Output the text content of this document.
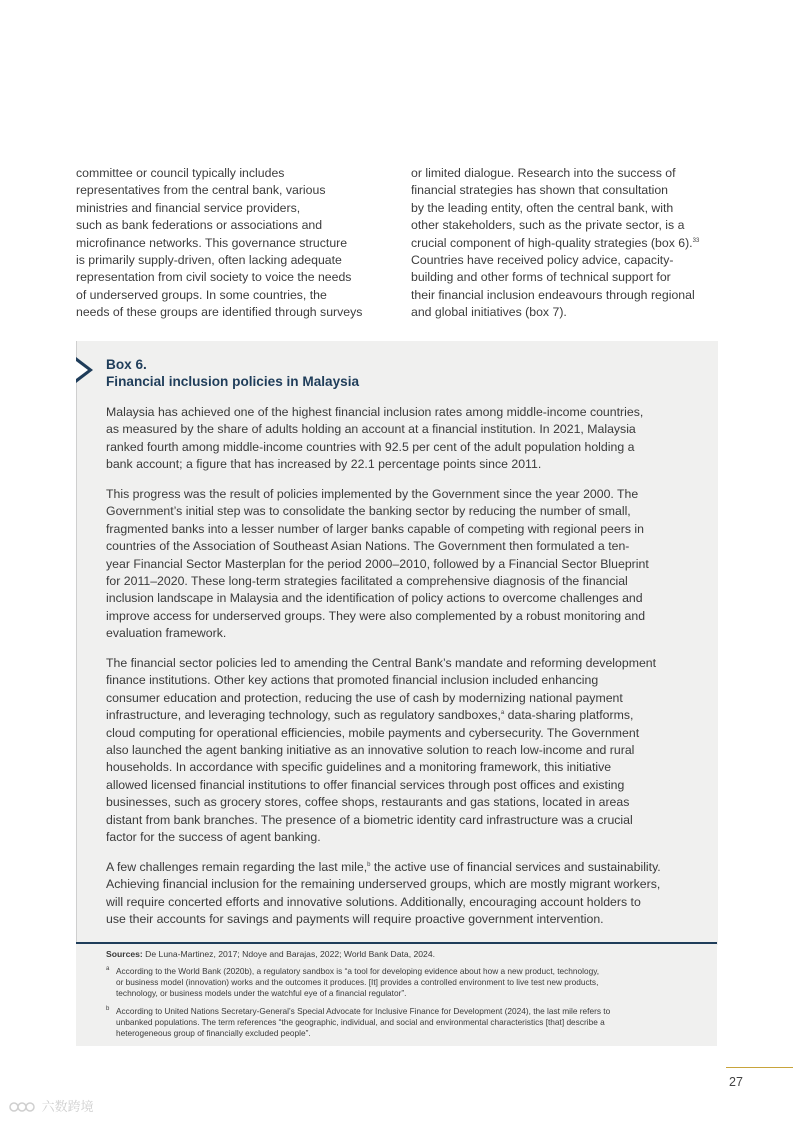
committee or council typically includes
representatives from the central bank, various
ministries and financial service providers,
such as bank federations or associations and
microfinance networks. This governance structure
is primarily supply-driven, often lacking adequate
representation from civil society to voice the needs
of underserved groups. In some countries, the
needs of these groups are identified through surveys
or limited dialogue. Research into the success of
financial strategies has shown that consultation
by the leading entity, often the central bank, with
other stakeholders, such as the private sector, is a
crucial component of high-quality strategies (box 6).$^{33}$
Countries have received policy advice, capacity-
building and other forms of technical support for
their financial inclusion endeavours through regional
and global initiatives (box 7).
Box 6.
Financial inclusion policies in Malaysia
Malaysia has achieved one of the highest financial inclusion rates among middle-income countries,
as measured by the share of adults holding an account at a financial institution. In 2021, Malaysia
ranked fourth among middle-income countries with 92.5 per cent of the adult population holding a
bank account; a figure that has increased by 22.1 percentage points since 2011.
This progress was the result of policies implemented by the Government since the year 2000. The
Government’s initial step was to consolidate the banking sector by reducing the number of small,
fragmented banks into a lesser number of larger banks capable of competing with regional peers in
countries of the Association of Southeast Asian Nations. The Government then formulated a ten-
year Financial Sector Masterplan for the period 2000–2010, followed by a Financial Sector Blueprint
for 2011–2020. These long-term strategies facilitated a comprehensive diagnosis of the financial
inclusion landscape in Malaysia and the identification of policy actions to overcome challenges and
improve access for underserved groups. They were also complemented by a robust monitoring and
evaluation framework.
The financial sector policies led to amending the Central Bank’s mandate and reforming development
finance institutions. Other key actions that promoted financial inclusion included enhancing
consumer education and protection, reducing the use of cash by modernizing national payment
infrastructure, and leveraging technology, such as regulatory sandboxes,$^a$ data-sharing platforms,
cloud computing for operational efficiencies, mobile payments and cybersecurity. The Government
also launched the agent banking initiative as an innovative solution to reach low-income and rural
households. In accordance with specific guidelines and a monitoring framework, this initiative
allowed licensed financial institutions to offer financial services through post offices and existing
businesses, such as grocery stores, coffee shops, restaurants and gas stations, located in areas
distant from bank branches. The presence of a biometric identity card infrastructure was a crucial
factor for the success of agent banking.
A few challenges remain regarding the last mile,$^b$ the active use of financial services and sustainability.
Achieving financial inclusion for the remaining underserved groups, which are mostly migrant workers,
will require concerted efforts and innovative solutions. Additionally, encouraging account holders to
use their accounts for savings and payments will require proactive government intervention.
Sources: De Luna-Martinez, 2017; Ndoye and Barajas, 2022; World Bank Data, 2024.
a According to the World Bank (2020b), a regulatory sandbox is “a tool for developing evidence about how a new product, technology,
or business model (innovation) works and the outcomes it produces. [It] provides a controlled environment to live test new products,
technology, or business models under the watchful eye of a financial regulator”.
b According to United Nations Secretary-General’s Special Advocate for Inclusive Finance for Development (2024), the last mile refers to
unbanked populations. The term references “the geographic, individual, and social and environmental characteristics [that] describe a
heterogeneous group of financially excluded people”.
27
六数跨境
